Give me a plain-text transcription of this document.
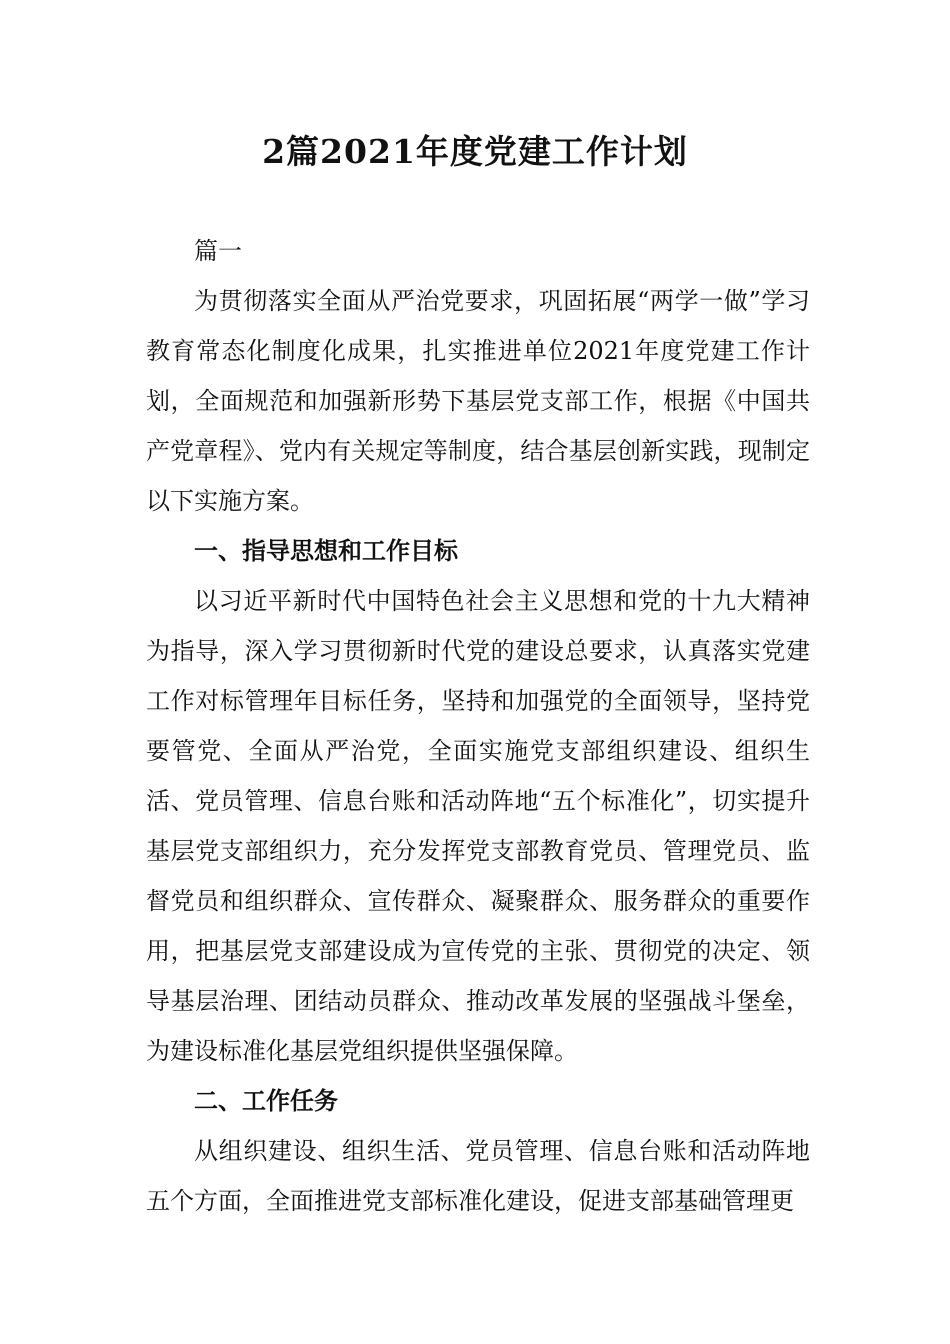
2篇2021年度党建工作计划

篇一

为贯彻落实全面从严治党要求，巩固拓展“两学一做”学习教育常态化制度化成果，扎实推进单位2021年度党建工作计划，全面规范和加强新形势下基层党支部工作，根据《中国共产党章程》、党内有关规定等制度，结合基层创新实践，现制定以下实施方案。

一、指导思想和工作目标

以习近平新时代中国特色社会主义思想和党的十九大精神为指导，深入学习贯彻新时代党的建设总要求，认真落实党建工作对标管理年目标任务，坚持和加强党的全面领导，坚持党要管党、全面从严治党，全面实施党支部组织建设、组织生活、党员管理、信息台账和活动阵地“五个标准化”，切实提升基层党支部组织力，充分发挥党支部教育党员、管理党员、监督党员和组织群众、宣传群众、凝聚群众、服务群众的重要作用，把基层党支部建设成为宣传党的主张、贯彻党的决定、领导基层治理、团结动员群众、推动改革发展的坚强战斗堡垒，为建设标准化基层党组织提供坚强保障。

二、工作任务

从组织建设、组织生活、党员管理、信息台账和活动阵地五个方面，全面推进党支部标准化建设，促进支部基础管理更
